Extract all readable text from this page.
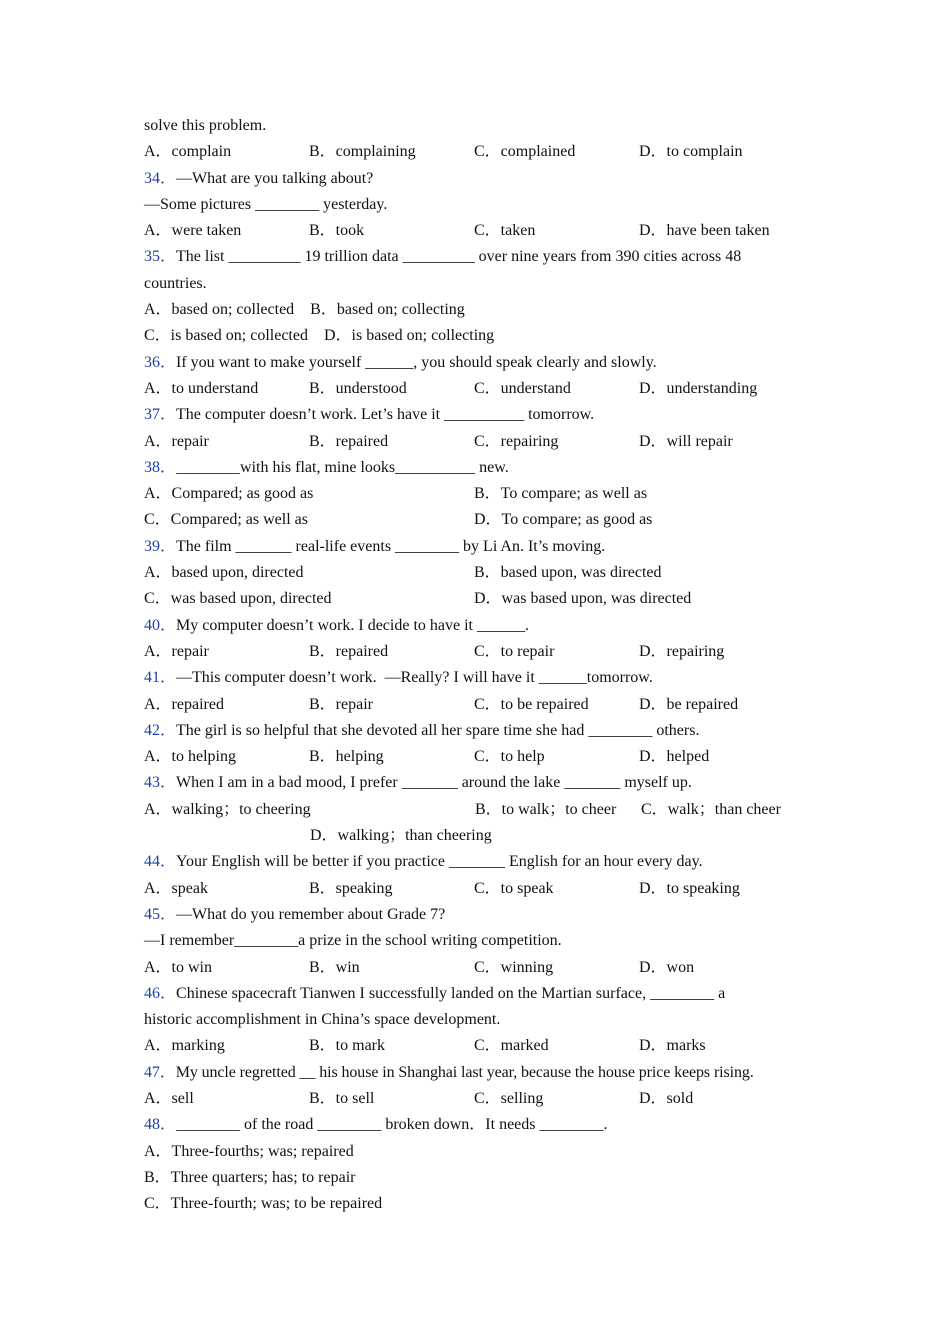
solve this problem.
A．complain	B．complaining	C．complained	D．to complain
34．—What are you talking about?
—Some pictures ________ yesterday.
A．were taken	B．took	C．taken	D．have been taken
35．The list _________ 19 trillion data _________ over nine years from 390 cities across 48
countries.
A．based on; collected    B．based on; collecting
C．is based on; collected    D．is based on; collecting
36．If you want to make yourself ______, you should speak clearly and slowly.
A．to understand	B．understood	C．understand	D．understanding
37．The computer doesn’t work. Let’s have it __________ tomorrow.
A．repair	B．repaired	C．repairing	D．will repair
38．________with his flat, mine looks__________ new.
A．Compared; as good as	B．To compare; as well as
C．Compared; as well as	D．To compare; as good as
39．The film _______ real-life events ________ by Li An. It’s moving.
A．based upon, directed	B．based upon, was directed
C．was based upon, directed	D．was based upon, was directed
40．My computer doesn’t work. I decide to have it ______.
A．repair	B．repaired	C．to repair	D．repairing
41．—This computer doesn’t work.  —Really? I will have it ______tomorrow.
A．repaired	B．repair	C．to be repaired	D．be repaired
42．The girl is so helpful that she devoted all her spare time she had ________ others.
A．to helping	B．helping	C．to help	D．helped
43．When I am in a bad mood, I prefer _______ around the lake _______ myself up.
A．walking；to cheering	B．to walk；to cheer	C．walk；than cheer
D．walking；than cheering
44．Your English will be better if you practice _______ English for an hour every day.
A．speak	B．speaking	C．to speak	D．to speaking
45．—What do you remember about Grade 7?
—I remember________a prize in the school writing competition.
A．to win	B．win	C．winning	D．won
46．Chinese spacecraft Tianwen I successfully landed on the Martian surface, ________ a
historic accomplishment in China’s space development.
A．marking	B．to mark	C．marked	D．marks
47．My uncle regretted __ his house in Shanghai last year, because the house price keeps rising.
A．sell	B．to sell	C．selling	D．sold
48．________ of the road ________ broken down．It needs ________.
A．Three-fourths; was; repaired
B．Three quarters; has; to repair
C．Three-fourth; was; to be repaired
